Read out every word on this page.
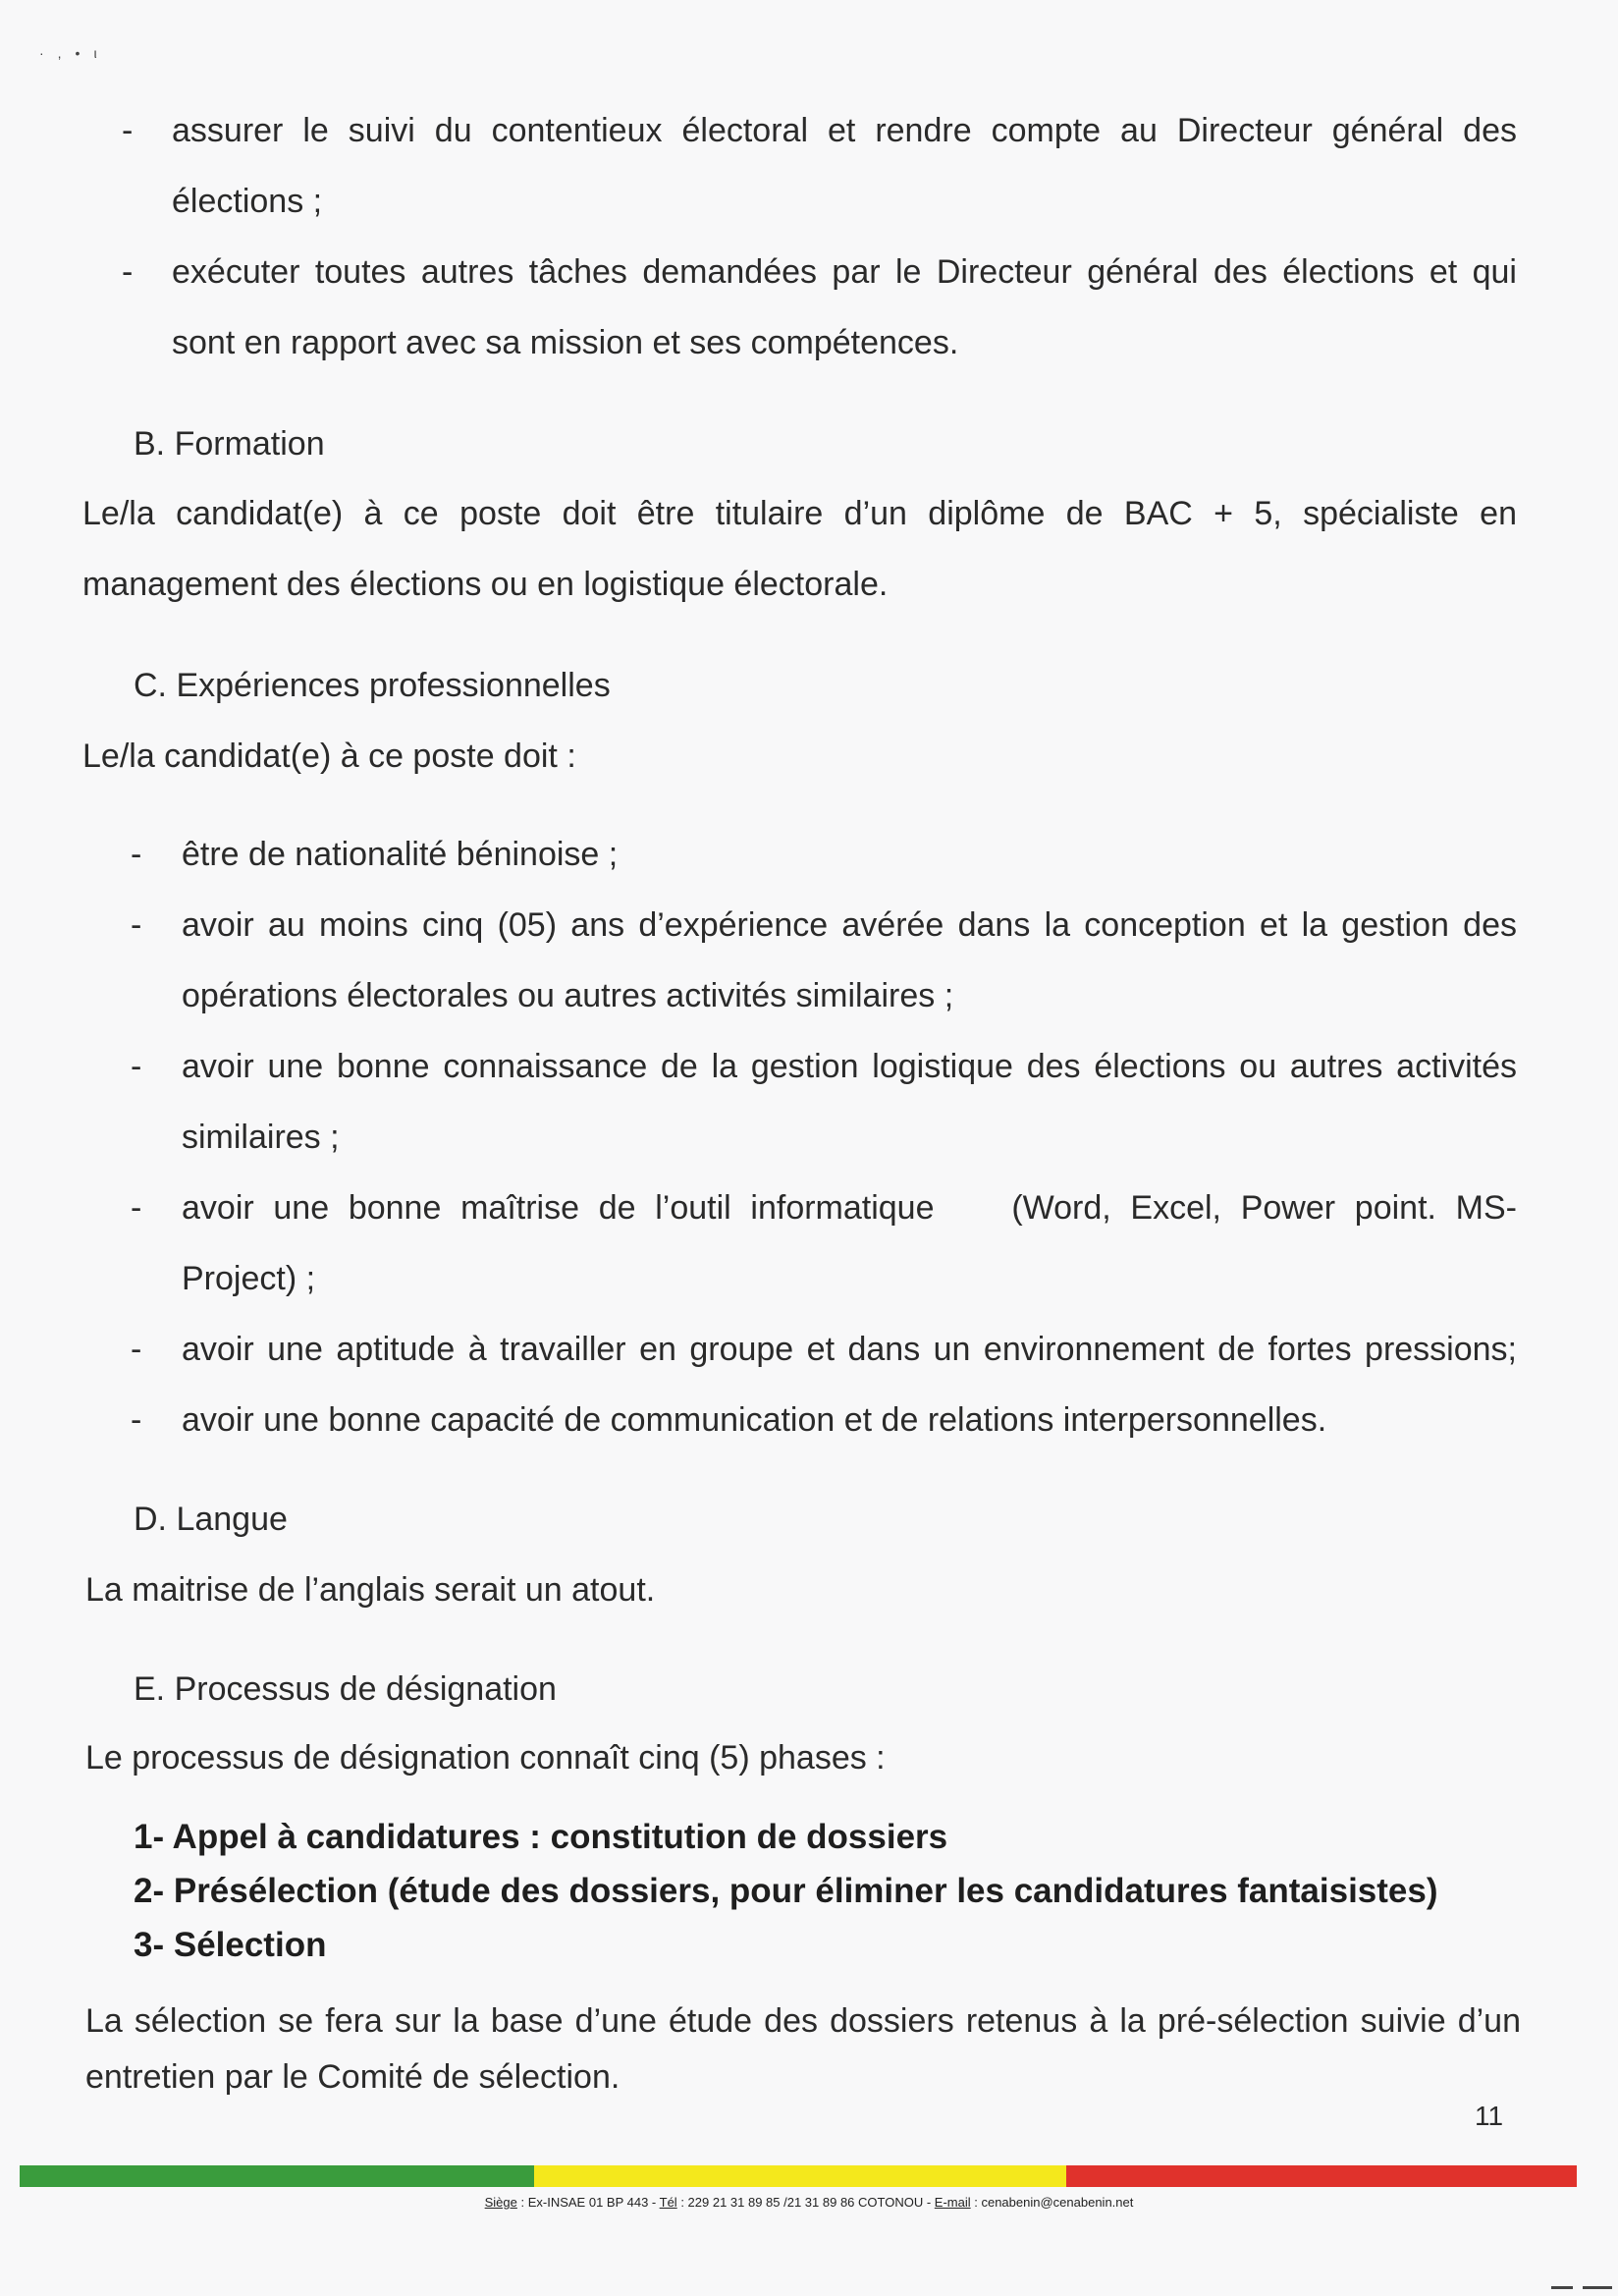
·,•ι
- assurer le suivi du contentieux électoral et rendre compte au Directeur général des
élections ;
- exécuter toutes autres tâches demandées par le Directeur général des élections et qui
sont en rapport avec sa mission et ses compétences.
B. Formation
Le/la candidat(e) à ce poste doit être titulaire d’un diplôme de BAC + 5, spécialiste en
management des élections ou en logistique électorale.
C. Expériences professionnelles
Le/la candidat(e) à ce poste doit :
- être de nationalité béninoise ;
- avoir au moins cinq (05) ans d’expérience avérée dans la conception et la gestion des
opérations électorales ou autres activités similaires ;
- avoir une bonne connaissance de la gestion logistique des élections ou autres activités
similaires ;
- avoir une bonne maîtrise de l’outil informatique    (Word, Excel, Power point. MS-
Project) ;
- avoir une aptitude à travailler en groupe et dans un environnement de fortes pressions;
- avoir une bonne capacité de communication et de relations interpersonnelles.
D. Langue
La maitrise de l’anglais serait un atout.
E. Processus de désignation
Le processus de désignation connaît cinq (5) phases :
1- Appel à candidatures : constitution de dossiers
2- Présélection (étude des dossiers, pour éliminer les candidatures fantaisistes)
3- Sélection
La sélection se fera sur la base d’une étude des dossiers retenus à la pré-sélection suivie d’un
entretien par le Comité de sélection.
11
Siège : Ex-INSAE 01 BP 443 - Tél : 229 21 31 89 85 /21 31 89 86 COTONOU - E-mail : cenabenin@cenabenin.net
